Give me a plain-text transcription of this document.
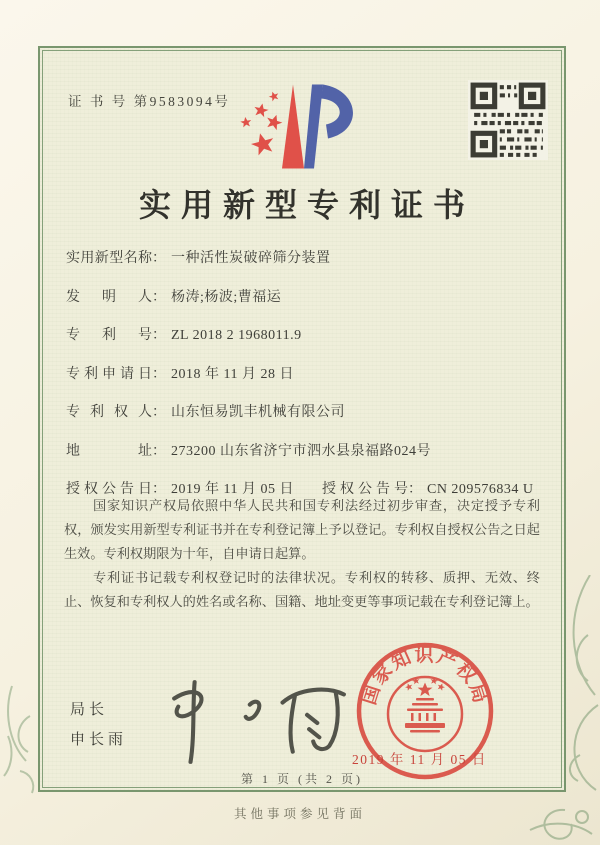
证 书 号 第9583094号
实用新型专利证书
实用新型名称： 一种活性炭破碎筛分装置
发明人： 杨涛;杨波;曹福运
专利号： ZL 2018 2 1968011.9
专利申请日： 2018 年 11 月 28 日
专利权人： 山东恒易凯丰机械有限公司
地址： 273200 山东省济宁市泗水县泉福路024号
授权公告日： 2019 年 11 月 05 日 授权公告号： CN 209576834 U

国家知识产权局依照中华人民共和国专利法经过初步审查，决定授予专利权，颁发实用新型专利证书并在专利登记簿上予以登记。专利权自授权公告之日起生效。专利权期限为十年，自申请日起算。

专利证书记载专利权登记时的法律状况。专利权的转移、质押、无效、终止、恢复和专利权人的姓名或名称、国籍、地址变更等事项记载在专利登记簿上。

局长
申长雨
国家知识产权局
2019 年 11 月 05 日
第 1 页 (共 2 页)
其他事项参见背面
